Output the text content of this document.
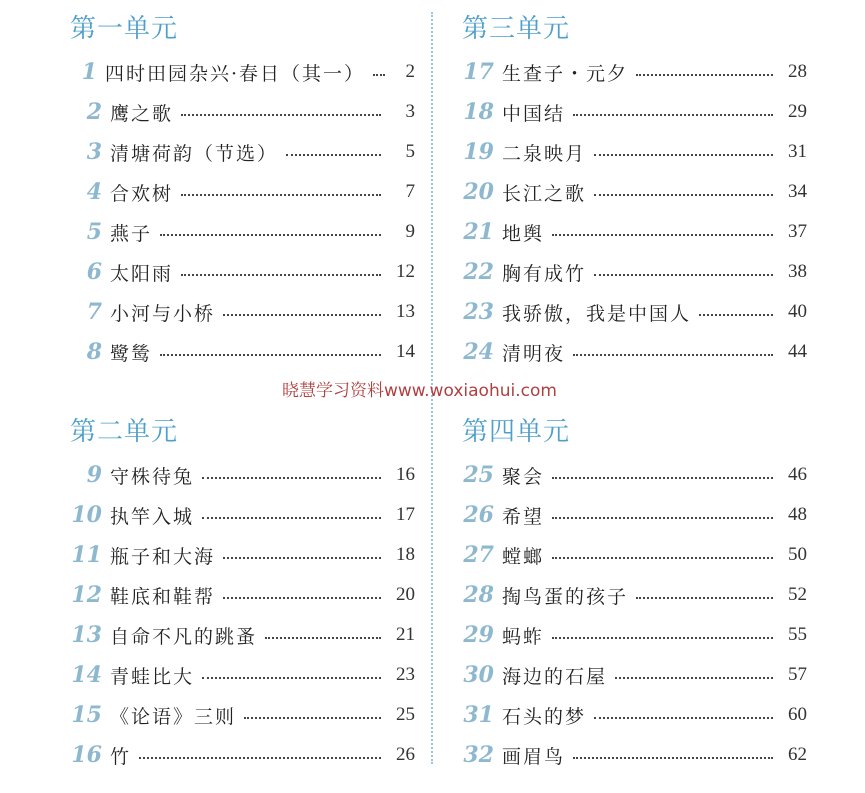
第一单元
1 四时田园杂兴·春日（其一）	2
2 鹰之歌	3
3 清塘荷韵（节选）	5
4 合欢树	7
5 燕子	9
6 太阳雨	12
7 小河与小桥	13
8 鹭鸶	14
第二单元
9 守株待兔	16
10 执竿入城	17
11 瓶子和大海	18
12 鞋底和鞋帮	20
13 自命不凡的跳蚤	21
14 青蛙比大	23
15 《论语》三则	25
16 竹	26
第三单元
17 生查子・元夕	28
18 中国结	29
19 二泉映月	31
20 长江之歌	34
21 地舆	37
22 胸有成竹	38
23 我骄傲，我是中国人	40
24 清明夜	44
第四单元
25 聚会	46
26 希望	48
27 螳螂	50
28 掏鸟蛋的孩子	52
29 蚂蚱	55
30 海边的石屋	57
31 石头的梦	60
32 画眉鸟	62
晓慧学习资料www.woxiaohui.com
